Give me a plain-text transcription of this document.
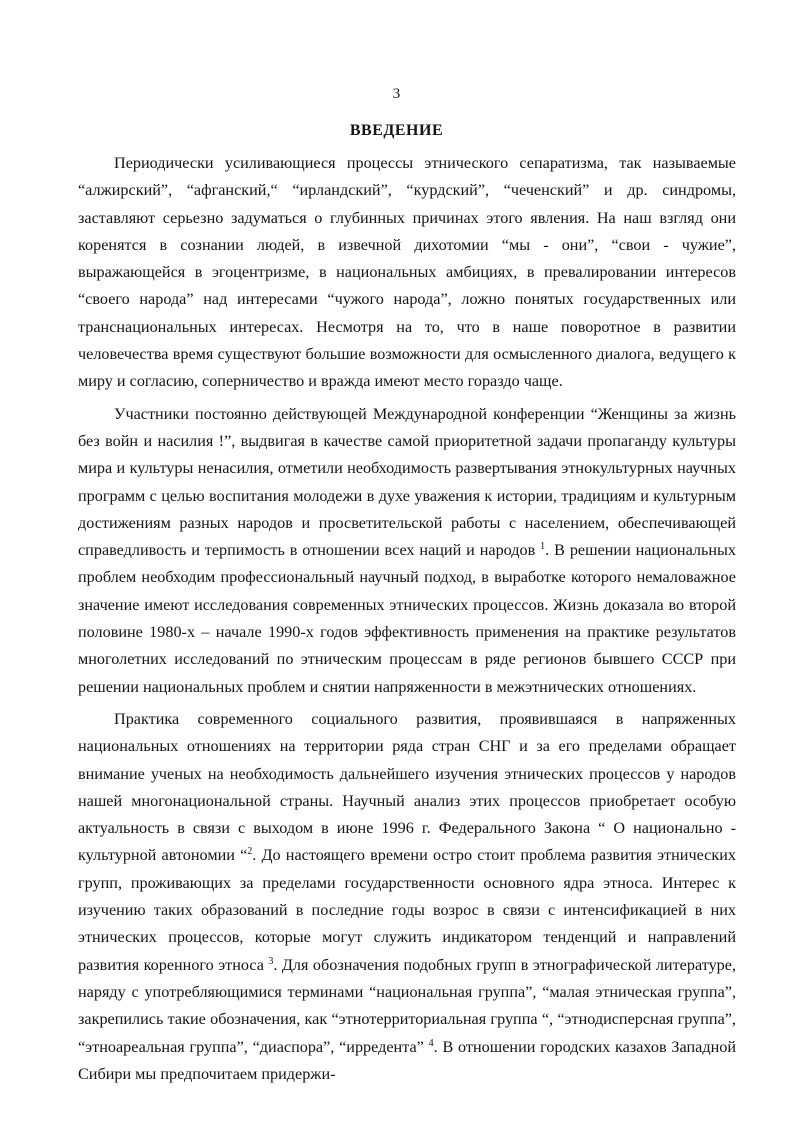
3
ВВЕДЕНИЕ

Периодически усиливающиеся процессы этнического сепаратизма, так называемые “алжирский”, “афганский,“ “ирландский”, “курдский”, “чеченский” и др. синдромы, заставляют серьезно задуматься о глубинных причинах этого явления. На наш взгляд они коренятся в сознании людей, в извечной дихотомии “мы - они”, “свои - чужие”, выражающейся в эгоцентризме, в национальных амбициях, в превалировании интересов “своего народа” над интересами “чужого народа”, ложно понятых государственных или транснациональных интересах. Несмотря на то, что в наше поворотное в развитии человечества время существуют большие возможности для осмысленного диалога, ведущего к миру и согласию, соперничество и вражда имеют место гораздо чаще.

Участники постоянно действующей Международной конференции “Женщины за жизнь без войн и насилия !”, выдвигая в качестве самой приоритетной задачи пропаганду культуры мира и культуры ненасилия, отметили необходимость развертывания этнокультурных научных программ с целью воспитания молодежи в духе уважения к истории, традициям и культурным достижениям разных народов и просветительской работы с населением, обеспечивающей справедливость и терпимость в отношении всех наций и народов $^1$. В решении национальных проблем необходим профессиональный научный подход, в выработке которого немаловажное значение имеют исследования современных этнических процессов. Жизнь доказала во второй половине 1980-х – начале 1990-х годов эффективность применения на практике результатов многолетних исследований по этническим процессам в ряде регионов бывшего СССР при решении национальных проблем и снятии напряженности в межэтнических отношениях.

Практика современного социального развития, проявившаяся в напряженных национальных отношениях на территории ряда стран СНГ и за его пределами обращает внимание ученых на необходимость дальнейшего изучения этнических процессов у народов нашей многонациональной страны. Научный анализ этих процессов приобретает особую актуальность в связи с выходом в июне 1996 г. Федерального Закона “ О национально - культурной автономии “$^2$. До настоящего времени остро стоит проблема развития этнических групп, проживающих за пределами государственности основного ядра этноса. Интерес к изучению таких образований в последние годы возрос в связи с интенсификацией в них этнических процессов, которые могут служить индикатором тенденций и направлений развития коренного этноса $^3$. Для обозначения подобных групп в этнографической литературе, наряду с употребляющимися терминами “национальная группа”, “малая этническая группа”, закрепились такие обозначения, как “этнотерриториальная группа “, “этнодисперсная группа”, “этноареальная группа”, “диаспора”, “ирредента” $^4$. В отношении городских казахов Западной Сибири мы предпочитаем придержи-
